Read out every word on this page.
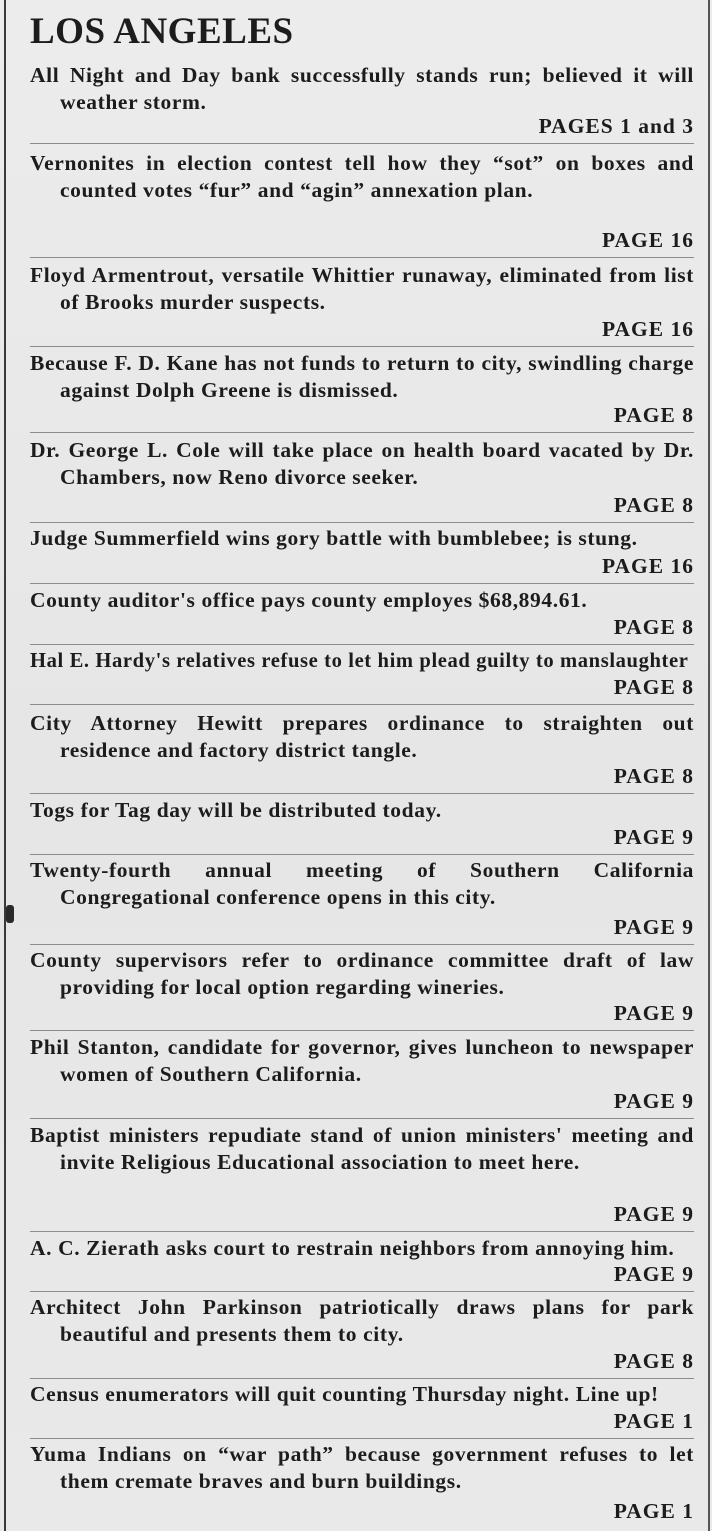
LOS ANGELES
All Night and Day bank successfully stands run; believed it will weather storm.
PAGES 1 and 3
Vernonites in election contest tell how they “sot” on boxes and counted votes “fur” and “agin” annexation plan.
PAGE 16
Floyd Armentrout, versatile Whittier runaway, eliminated from list of Brooks murder suspects.
PAGE 16
Because F. D. Kane has not funds to return to city, swindling charge against Dolph Greene is dismissed.
PAGE 8
Dr. George L. Cole will take place on health board vacated by Dr. Chambers, now Reno divorce seeker.
PAGE 8
Judge Summerfield wins gory battle with bumblebee; is stung.
PAGE 16
County auditor's office pays county employes $68,894.61.
PAGE 8
Hal E. Hardy's relatives refuse to let him plead guilty to manslaughter
PAGE 8
City Attorney Hewitt prepares ordinance to straighten out residence and factory district tangle.
PAGE 8
Togs for Tag day will be distributed today.
PAGE 9
Twenty-fourth annual meeting of Southern California Congregational conference opens in this city.
PAGE 9
County supervisors refer to ordinance committee draft of law providing for local option regarding wineries.
PAGE 9
Phil Stanton, candidate for governor, gives luncheon to newspaper women of Southern California.
PAGE 9
Baptist ministers repudiate stand of union ministers' meeting and invite Religious Educational association to meet here.
PAGE 9
A. C. Zierath asks court to restrain neighbors from annoying him.
PAGE 9
Architect John Parkinson patriotically draws plans for park beautiful and presents them to city.
PAGE 8
Census enumerators will quit counting Thursday night. Line up!
PAGE 1
Yuma Indians on “war path” because government refuses to let them cremate braves and burn buildings.
PAGE 1
